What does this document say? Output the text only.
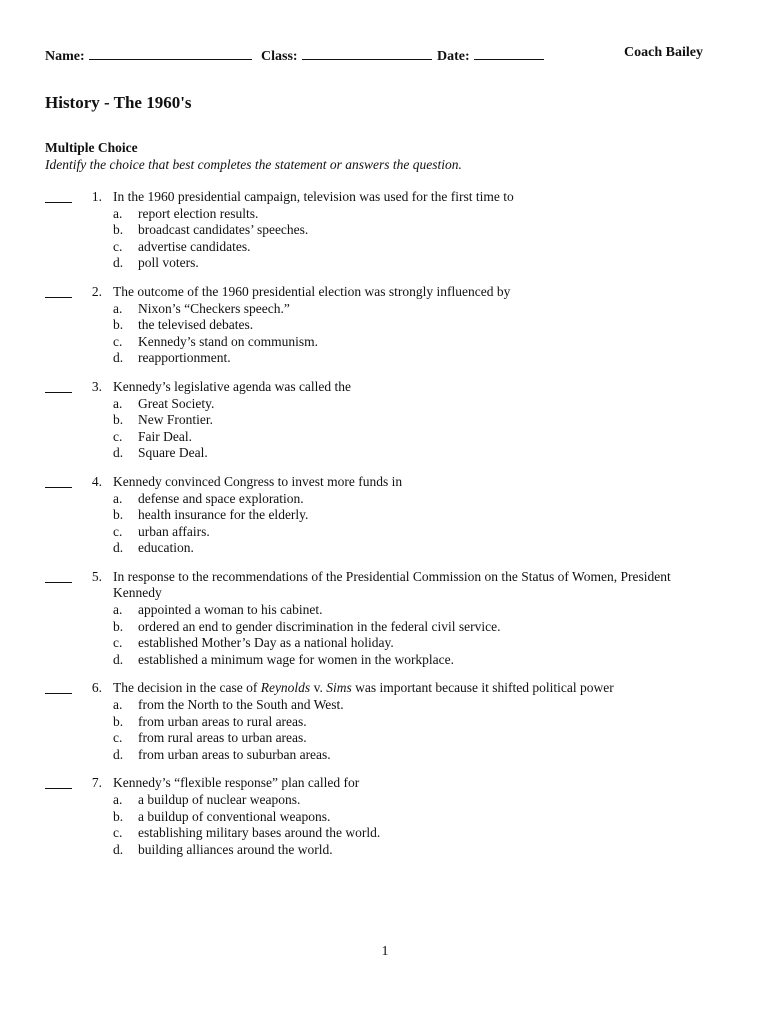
Name:	Class:	Date:	Coach Bailey
History - The 1960's
Multiple Choice
Identify the choice that best completes the statement or answers the question.
1. In the 1960 presidential campaign, television was used for the first time to
a.	report election results.
b. broadcast candidates’ speeches.
c.	advertise candidates.
d. poll voters.
2. The outcome of the 1960 presidential election was strongly influenced by
a.	Nixon’s “Checkers speech.”
b. the televised debates.
c.	Kennedy’s stand on communism.
d. reapportionment.
3. Kennedy’s legislative agenda was called the
a.	Great Society.
b. New Frontier.
c.	Fair Deal.
d. Square Deal.
4. Kennedy convinced Congress to invest more funds in
a.	defense and space exploration.
b. health insurance for the elderly.
c.	urban affairs.
d. education.
5. In response to the recommendations of the Presidential Commission on the Status of Women, President Kennedy
a.	appointed a woman to his cabinet.
b. ordered an end to gender discrimination in the federal civil service.
c.	established Mother’s Day as a national holiday.
d. established a minimum wage for women in the workplace.
6. The decision in the case of Reynolds v. Sims was important because it shifted political power
a.	from the North to the South and West.
b. from urban areas to rural areas.
c.	from rural areas to urban areas.
d. from urban areas to suburban areas.
7. Kennedy’s “flexible response” plan called for
a.	a buildup of nuclear weapons.
b. a buildup of conventional weapons.
c.	establishing military bases around the world.
d. building alliances around the world.
1
